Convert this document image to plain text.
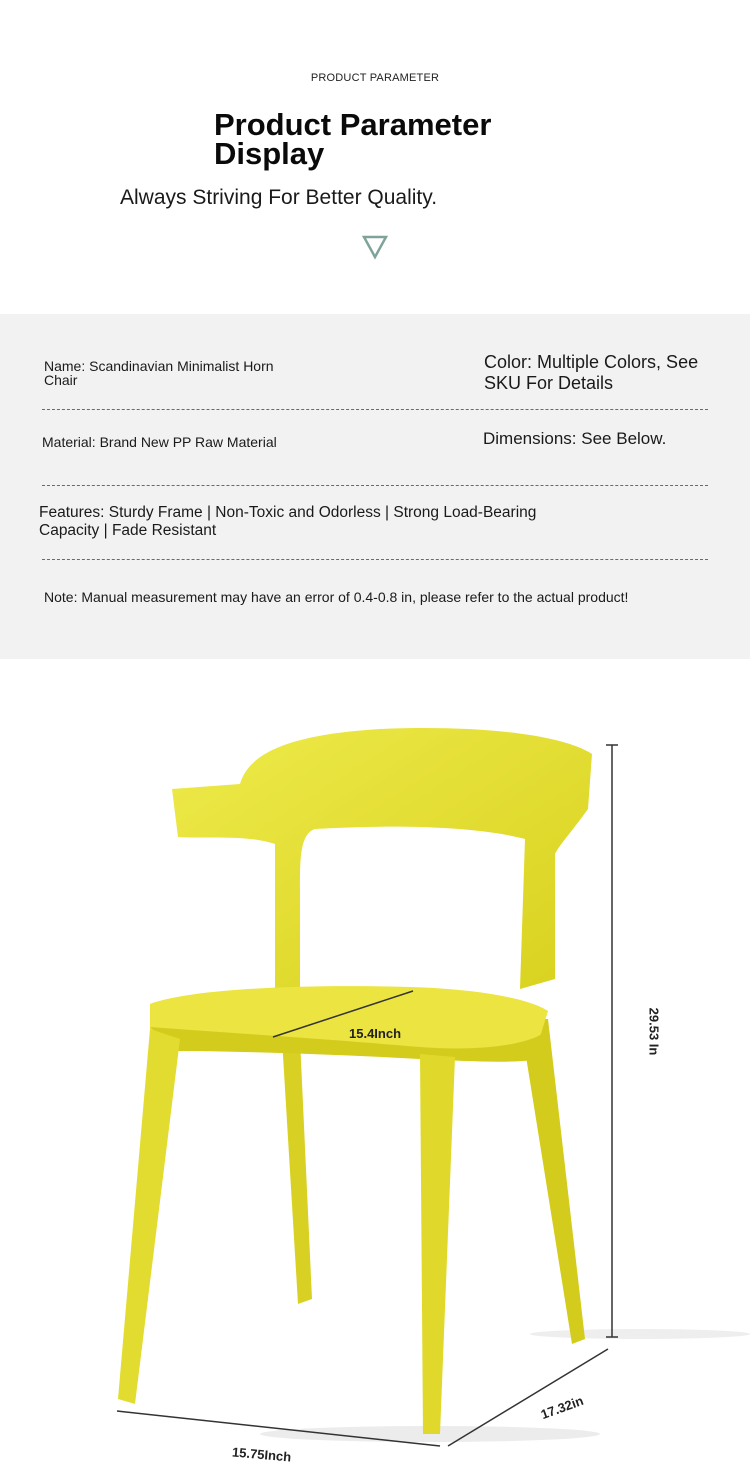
PRODUCT PARAMETER
Product Parameter Display
Always Striving For Better Quality.
Name: Scandinavian Minimalist Horn Chair
Color: Multiple Colors, See SKU For Details
Material: Brand New PP Raw Material	Dimensions: See Below.
Features: Sturdy Frame | Non-Toxic and Odorless | Strong Load-Bearing Capacity | Fade Resistant
Note: Manual measurement may have an error of 0.4-0.8 in, please refer to the actual product!
15.4Inch	29.53 In
17.32in
15.75Inch
